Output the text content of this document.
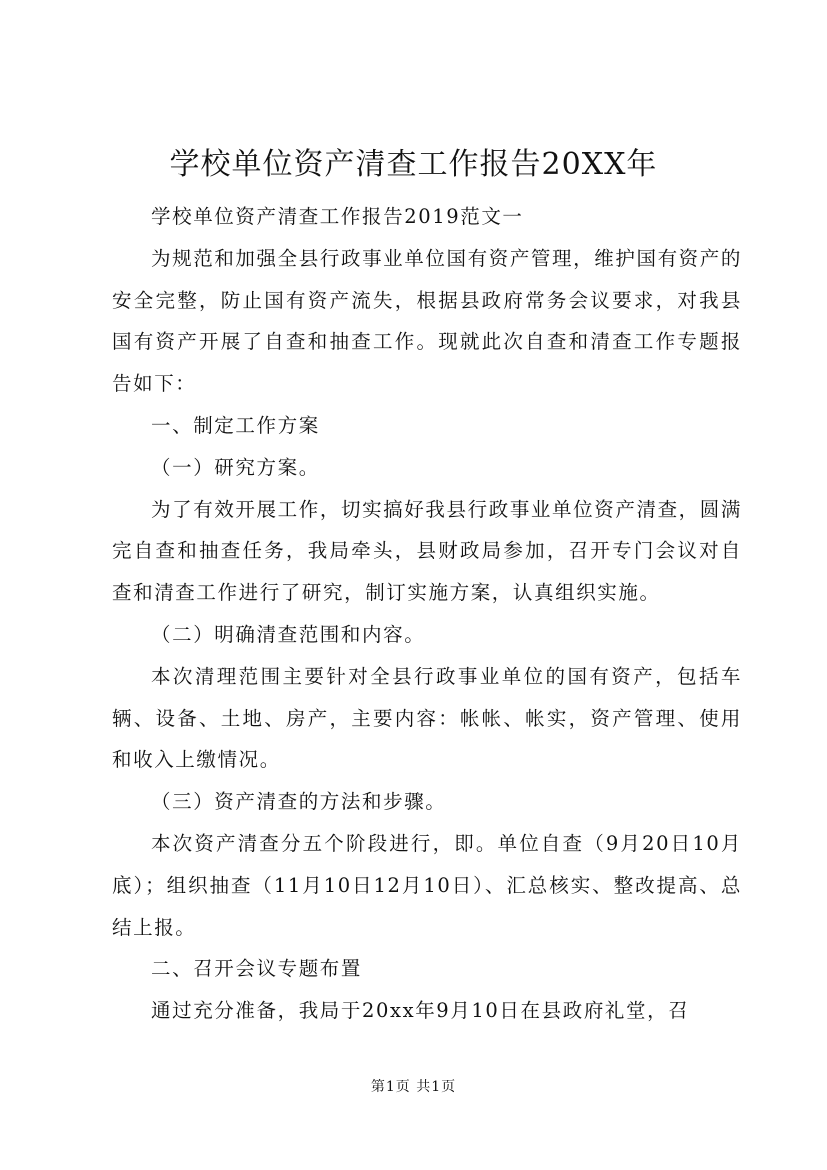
学校单位资产清查工作报告20XX年

学校单位资产清查工作报告2019范文一

为规范和加强全县行政事业单位国有资产管理，维护国有资产的安全完整，防止国有资产流失，根据县政府常务会议要求，对我县国有资产开展了自查和抽查工作。现就此次自查和清查工作专题报告如下：

一、制定工作方案

（一）研究方案。

为了有效开展工作，切实搞好我县行政事业单位资产清查，圆满完自查和抽查任务，我局牵头，县财政局参加，召开专门会议对自查和清查工作进行了研究，制订实施方案，认真组织实施。

（二）明确清查范围和内容。

本次清理范围主要针对全县行政事业单位的国有资产，包括车辆、设备、土地、房产，主要内容：帐帐、帐实，资产管理、使用和收入上缴情况。

（三）资产清查的方法和步骤。

本次资产清查分五个阶段进行，即。单位自查（9月20日10月底）；组织抽查（11月10日12月10日）、汇总核实、整改提高、总结上报。

二、召开会议专题布置

通过充分准备，我局于20xx年9月10日在县政府礼堂，召

第1页 共1页
